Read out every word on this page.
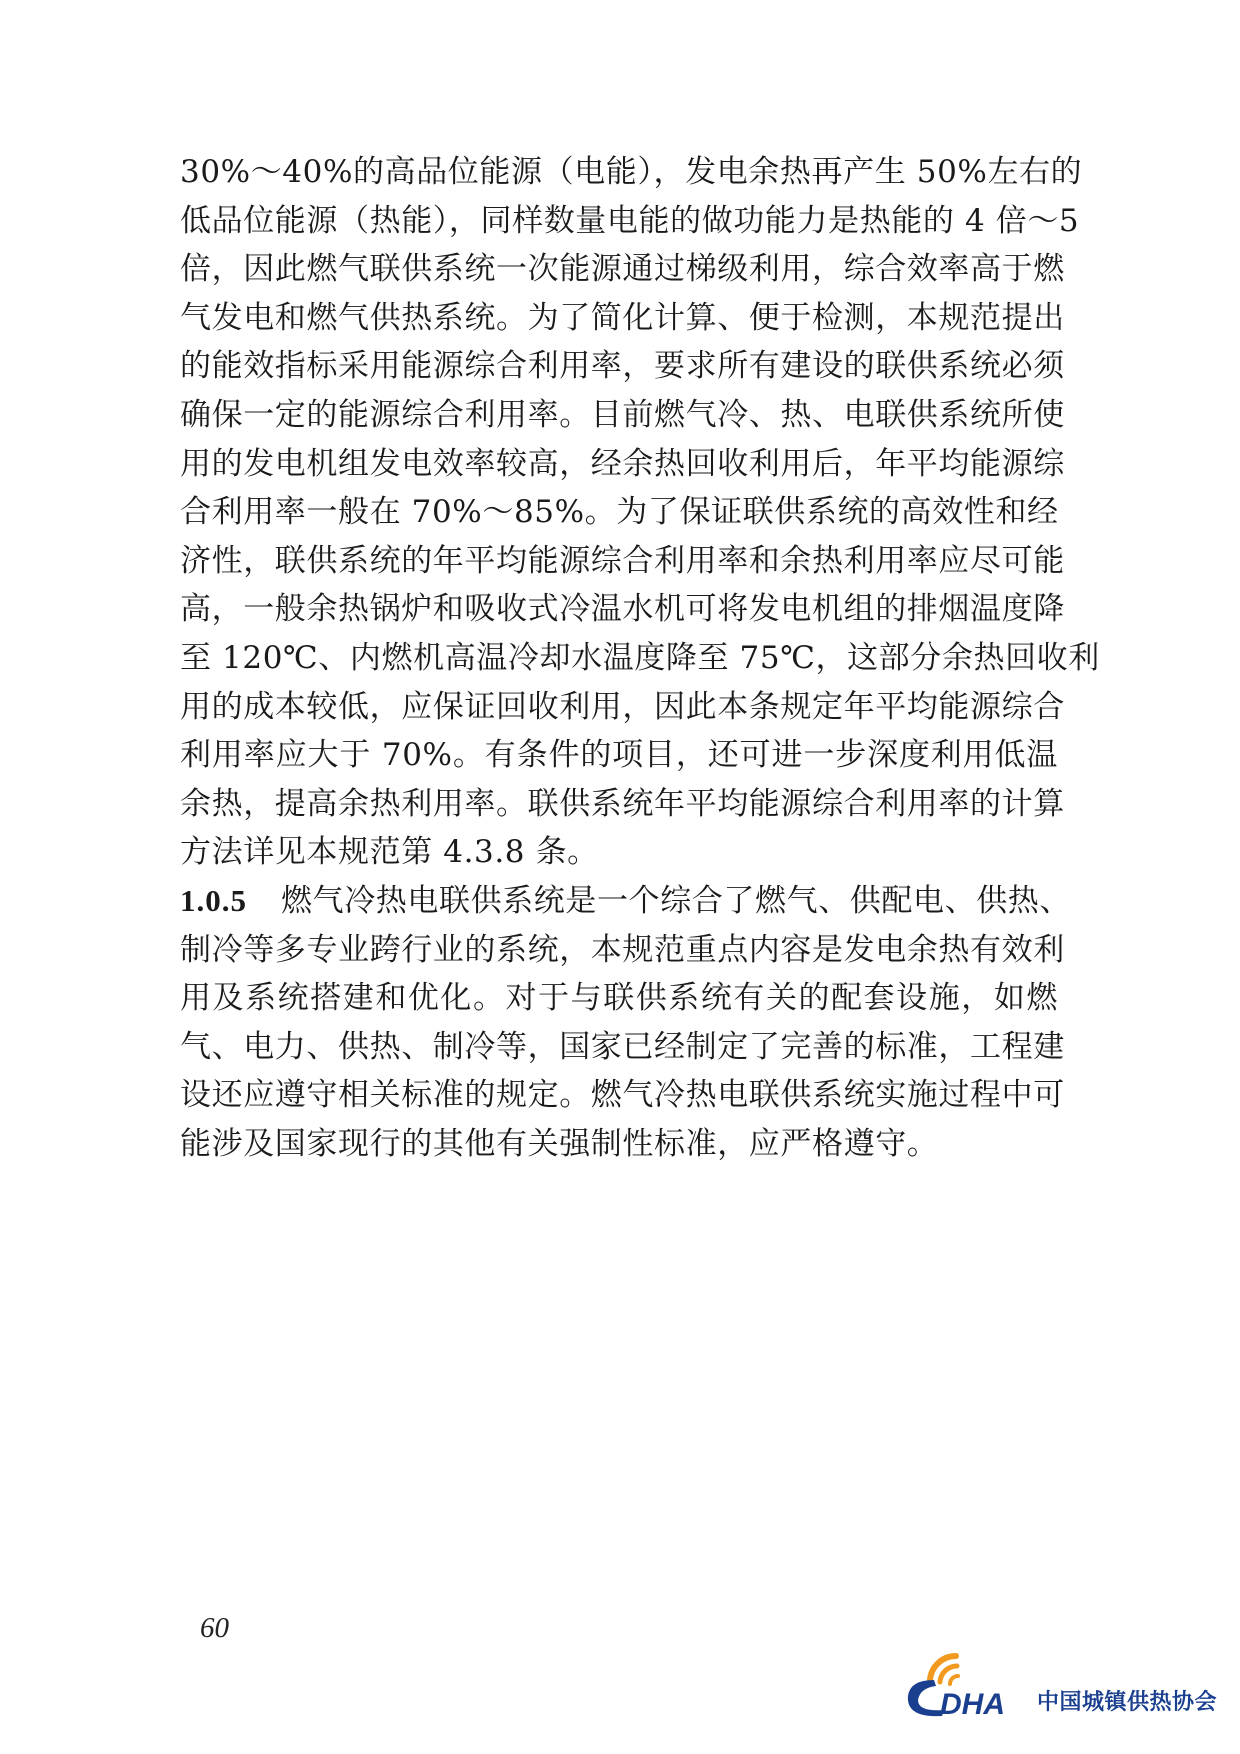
30%～40%的高品位能源（电能），发电余热再产生 50%左右的
低品位能源（热能），同样数量电能的做功能力是热能的 4 倍～5
倍，因此燃气联供系统一次能源通过梯级利用，综合效率高于燃
气发电和燃气供热系统。为了简化计算、便于检测，本规范提出
的能效指标采用能源综合利用率，要求所有建设的联供系统必须
确保一定的能源综合利用率。目前燃气冷、热、电联供系统所使
用的发电机组发电效率较高，经余热回收利用后，年平均能源综
合利用率一般在 70%～85%。为了保证联供系统的高效性和经
济性，联供系统的年平均能源综合利用率和余热利用率应尽可能
高，一般余热锅炉和吸收式冷温水机可将发电机组的排烟温度降
至 120℃、内燃机高温冷却水温度降至 75℃，这部分余热回收利
用的成本较低，应保证回收利用，因此本条规定年平均能源综合
利用率应大于 70%。有条件的项目，还可进一步深度利用低温
余热，提高余热利用率。联供系统年平均能源综合利用率的计算
方法详见本规范第 4.3.8 条。
1.0.5 燃气冷热电联供系统是一个综合了燃气、供配电、供热、
制冷等多专业跨行业的系统，本规范重点内容是发电余热有效利
用及系统搭建和优化。对于与联供系统有关的配套设施，如燃
气、电力、供热、制冷等，国家已经制定了完善的标准，工程建
设还应遵守相关标准的规定。燃气冷热电联供系统实施过程中可
能涉及国家现行的其他有关强制性标准，应严格遵守。
60
DHA 中国城镇供热协会
